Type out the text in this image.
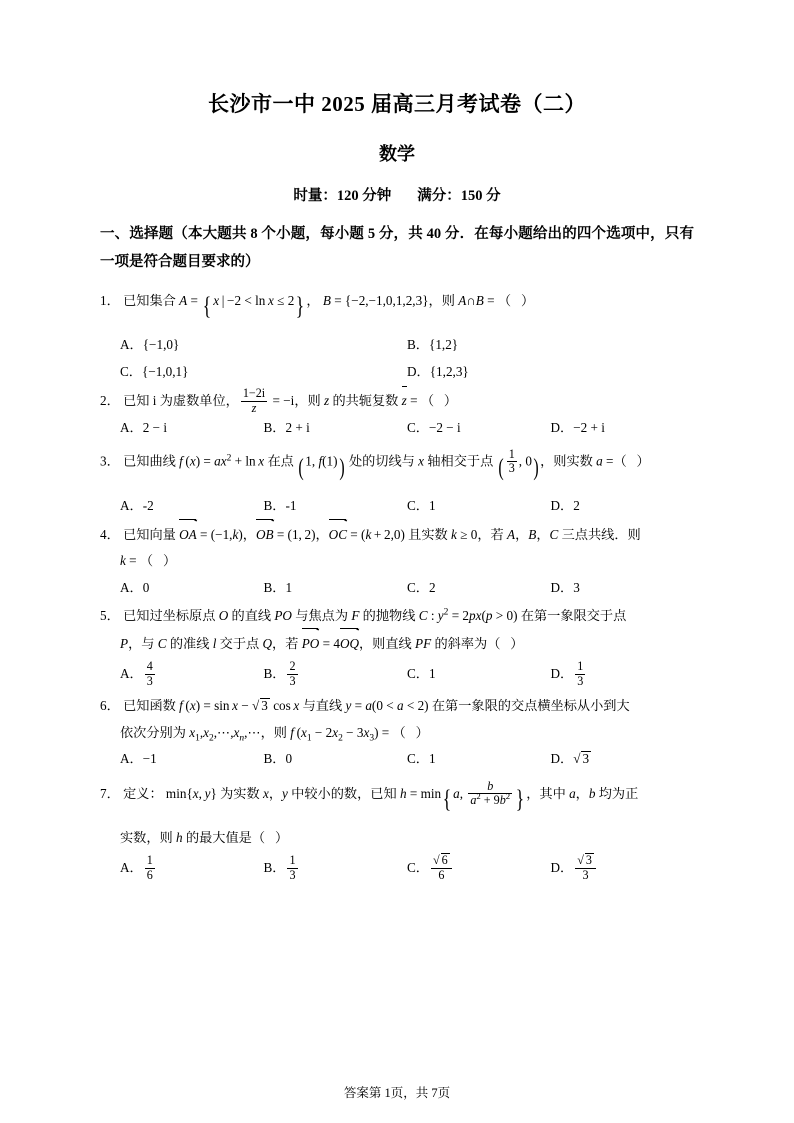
长沙市一中 2025 届高三月考试卷（二）
数学
时量：120 分钟 满分：150 分
一、选择题（本大题共 8 个小题，每小题 5 分，共 40 分．在每小题给出的四个选项中，只有一项是符合题目要求的）
1． 已知集合 A = { x | −2 < ln x ≤ 2} ， B = {−2,−1,0,1,2,3}，则 A∩B = （   ）
A．{−1,0}	B．{1,2}
C．{−1,0,1}	D．{1,2,3}
2． 已知 i 为虚数单位， $\frac{1-2i}{z} = -i$，则 z 的共轭复数 z = （   ）
A．2 − i	B．2 + i	C．−2 − i	D．−2 + i
3． 已知曲线 f $(x) = ax^2 + \ln x$ 在点 (1, f(1)) 处的切线与 x 轴相交于点 ( $\frac{1}{3}$ , 0)，则实数 a =（   ）
A．-2	B．-1	C．1	D．2
4． 已知向量 OA = (−1,k)，OB = (1, 2)，OC = (k + 2,0) 且实数 k ≥ 0，若 A，B，C 三点共线．则
k = （   ）
A．0	B．1	C．2	D．3
5． 已知过坐标原点 O 的直线 PO 与焦点为 F 的抛物线 C : $y^2 = 2px(p > 0)$ 在第一象限交于点
P，与 C 的准线 l 交于点 Q，若 PO = 4OQ，则直线 PF 的斜率为（   ）
A． $\frac{4}{3}$	B． $\frac{2}{3}$	C．1	D． $\frac{1}{3}$
6． 已知函数 f (x) = sin x − √ 3 cos x 与直线 y = a(0 < a < 2) 在第一象限的交点横坐标从小到大
依次分别为 $x_1,x_2,\cdots,x_n,\cdots$，则 f $(x_1 - 2x_2 - 3x_3)$ = （   ）
A．−1	B．0	C．1	D．√ 3
7． 定义： min{x, y} 为实数 x，y 中较小的数，已知 h = min{ a, $\frac{b}{a^2 + 9b^2}$ } ，其中 a，b 均为正
实数，则 h 的最大值是（   ）
A． $\frac{1}{6}$	B． $\frac{1}{3}$	C． $\frac{√ 6}{6}$	D． $\frac{√ 3}{3}$
答案第 1页，共 7页
